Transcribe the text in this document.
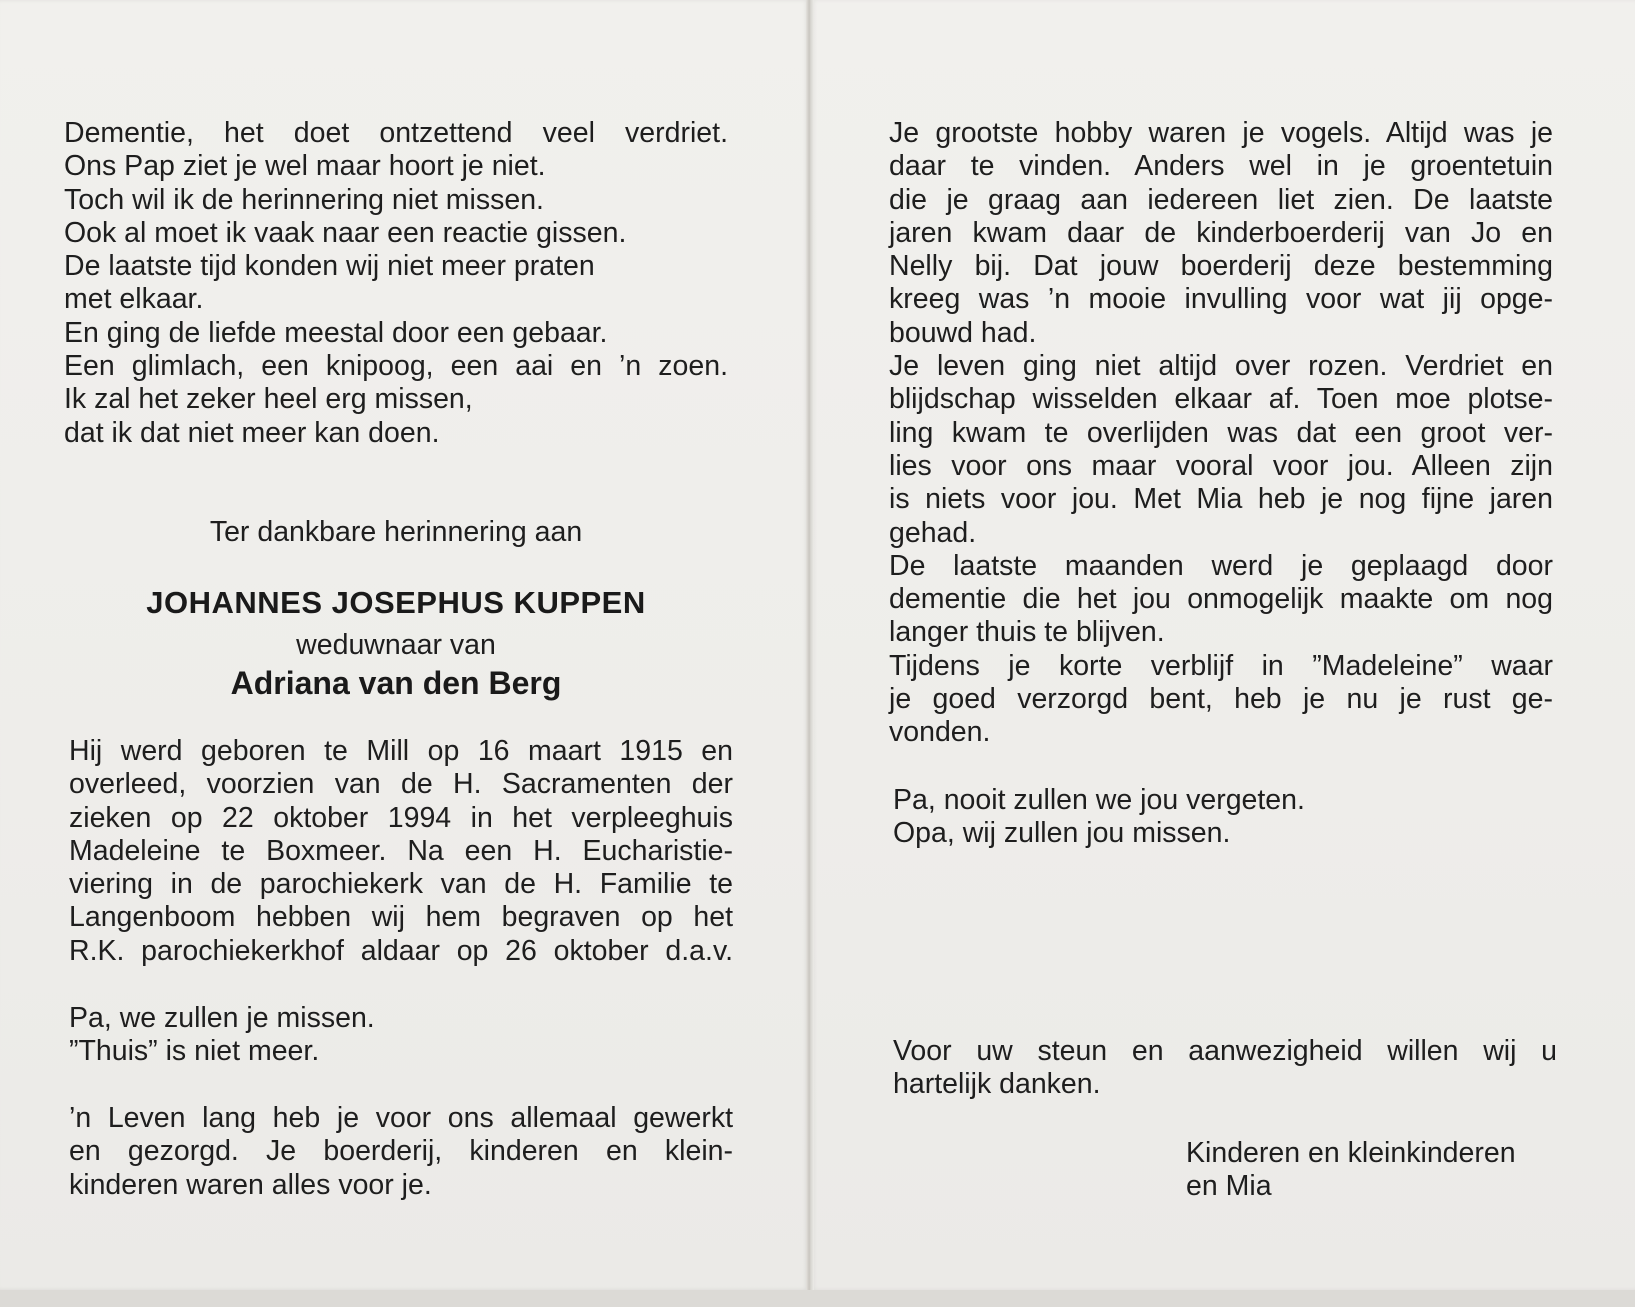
Dementie, het doet ontzettend veel verdriet.
Ons Pap ziet je wel maar hoort je niet.
Toch wil ik de herinnering niet missen.
Ook al moet ik vaak naar een reactie gissen.
De laatste tijd konden wij niet meer praten
met elkaar.
En ging de liefde meestal door een gebaar.
Een glimlach, een knipoog, een aai en ’n zoen.
Ik zal het zeker heel erg missen,
dat ik dat niet meer kan doen.
Ter dankbare herinnering aan
JOHANNES JOSEPHUS KUPPEN
weduwnaar van
Adriana van den Berg
Hij werd geboren te Mill op 16 maart 1915 en
overleed, voorzien van de H. Sacramenten der
zieken op 22 oktober 1994 in het verpleeghuis
Madeleine te Boxmeer. Na een H. Eucharistie-
viering in de parochiekerk van de H. Familie te
Langenboom hebben wij hem begraven op het
R.K. parochiekerkhof aldaar op 26 oktober d.a.v.
Pa, we zullen je missen.
”Thuis” is niet meer.
’n Leven lang heb je voor ons allemaal gewerkt
en gezorgd. Je boerderij, kinderen en klein-
kinderen waren alles voor je.
Je grootste hobby waren je vogels. Altijd was je
daar te vinden. Anders wel in je groentetuin
die je graag aan iedereen liet zien. De laatste
jaren kwam daar de kinderboerderij van Jo en
Nelly bij. Dat jouw boerderij deze bestemming
kreeg was ’n mooie invulling voor wat jij opge-
bouwd had.
Je leven ging niet altijd over rozen. Verdriet en
blijdschap wisselden elkaar af. Toen moe plotse-
ling kwam te overlijden was dat een groot ver-
lies voor ons maar vooral voor jou. Alleen zijn
is niets voor jou. Met Mia heb je nog fijne jaren
gehad.
De laatste maanden werd je geplaagd door
dementie die het jou onmogelijk maakte om nog
langer thuis te blijven.
Tijdens je korte verblijf in ”Madeleine” waar
je goed verzorgd bent, heb je nu je rust ge-
vonden.
Pa, nooit zullen we jou vergeten.
Opa, wij zullen jou missen.
Voor uw steun en aanwezigheid willen wij u
hartelijk danken.
Kinderen en kleinkinderen
en Mia
